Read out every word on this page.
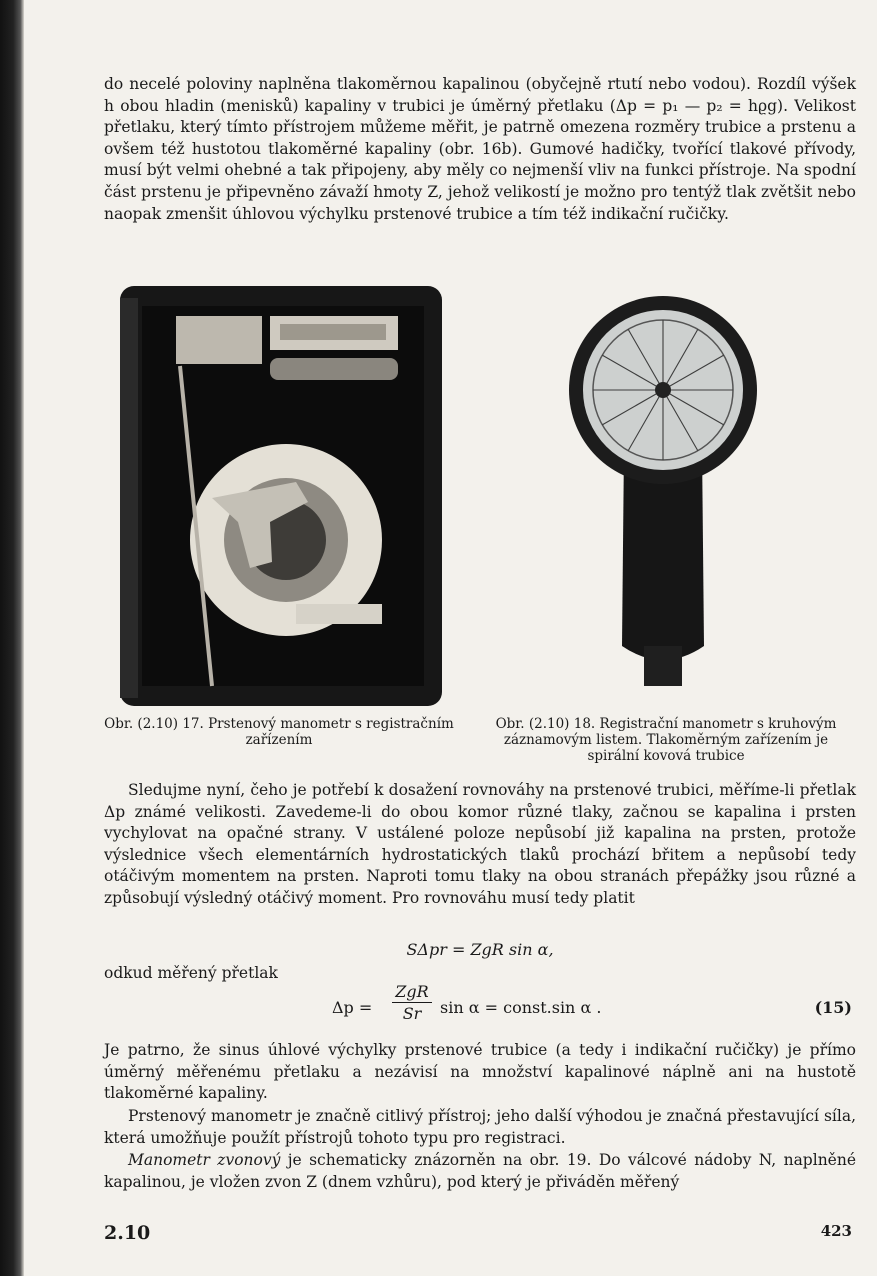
do necelé poloviny naplněna tlakoměrnou kapalinou (obyčejně rtutí nebo vodou). Rozdíl výšek h obou hladin (menisků) kapaliny v trubici je úměrný přetlaku (Δp = p₁ — p₂ = hϱg). Velikost přetlaku, který tímto přístrojem můžeme měřit, je patrně omezena rozměry trubice a prstenu a ovšem též hustotou tlakoměrné kapaliny (obr. 16b). Gumové hadičky, tvořící tlakové přívody, musí být velmi ohebné a tak připojeny, aby měly co nejmenší vliv na funkci přístroje. Na spodní část prstenu je připevněno závaží hmoty Z, jehož velikostí je možno pro tentýž tlak zvětšit nebo naopak zmenšit úhlovou výchylku prstenové trubice a tím též indikační ručičky.

Obr. (2.10) 17. Prstenový manometr s registračním zařízením
Obr. (2.10) 18. Registrační manometr s kruhovým záznamovým listem. Tlakoměrným zařízením je spirální kovová trubice

Sledujme nyní, čeho je potřebí k dosažení rovnováhy na prstenové trubici, měříme-li přetlak Δp známé velikosti. Zavedeme-li do obou komor různé tlaky, začnou se kapalina i prsten vychylovat na opačné strany. V ustálené poloze nepůsobí již kapalina na prsten, protože výslednice všech elementárních hydrostatických tlaků prochází břitem a nepůsobí tedy otáčivým momentem na prsten. Naproti tomu tlaky na obou stranách přepážky jsou různé a způsobují výsledný otáčivý moment. Pro rovnováhu musí tedy platit

SΔpr = ZgR sin α,
odkud měřený přetlak
Δp =
ZgR
Sr	sin α = const.sin α .	(15)

Je patrno, že sinus úhlové výchylky prstenové trubice (a tedy i indikační ručičky) je přímo úměrný měřenému přetlaku a nezávisí na množství kapalinové náplně ani na hustotě tlakoměrné kapaliny.

Prstenový manometr je značně citlivý přístroj; jeho další výhodou je značná přestavující síla, která umožňuje použít přístrojů tohoto typu pro registraci.

Manometr zvonový je schematicky znázorněn na obr. 19. Do válcové nádoby N, naplněné kapalinou, je vložen zvon Z (dnem vzhůru), pod který je přiváděn měřený

2.10	423
